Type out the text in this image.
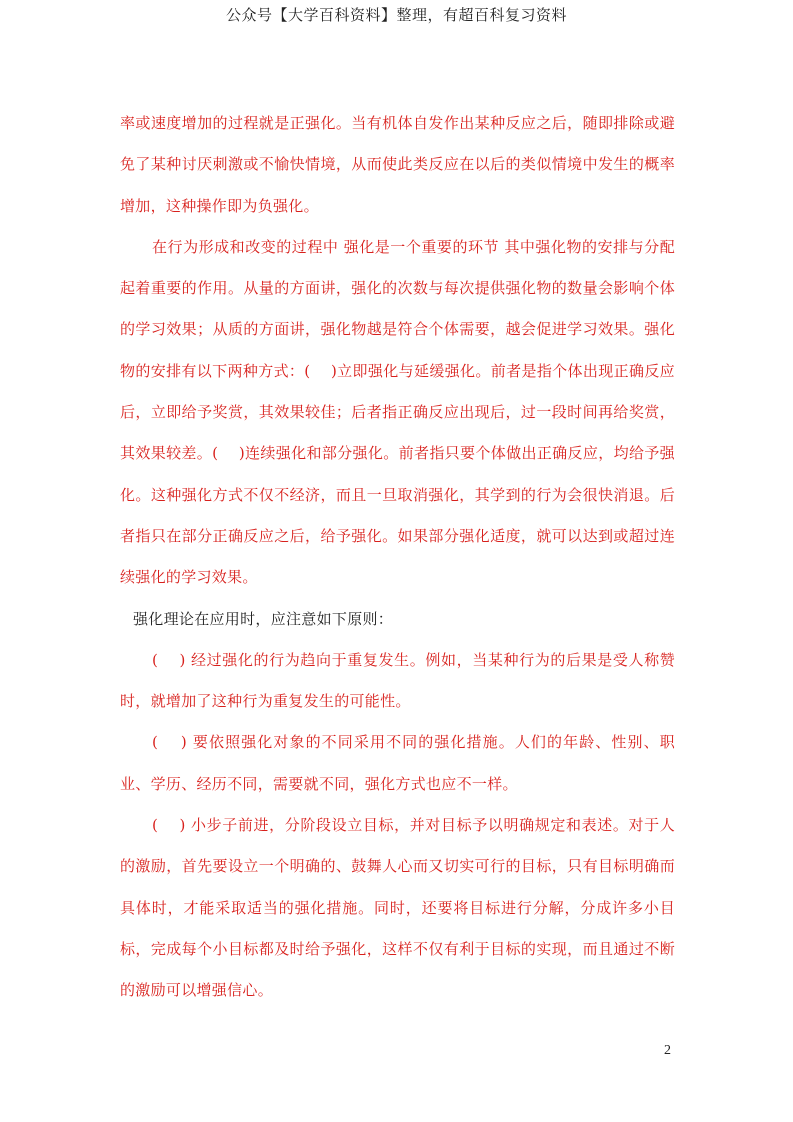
公众号【大学百科资料】整理，有超百科复习资料

率或速度增加的过程就是正强化。当有机体自发作出某种反应之后，随即排除或避免了某种讨厌刺激或不愉快情境，从而使此类反应在以后的类似情境中发生的概率增加，这种操作即为负强化。

在行为形成和改变的过程中 强化是一个重要的环节 其中强化物的安排与分配起着重要的作用。从量的方面讲，强化的次数与每次提供强化物的数量会影响个体的学习效果；从质的方面讲，强化物越是符合个体需要，越会促进学习效果。强化物的安排有以下两种方式：(　 )立即强化与延缓强化。前者是指个体出现正确反应后，立即给予奖赏，其效果较佳；后者指正确反应出现后，过一段时间再给奖赏，其效果较差。(　 )连续强化和部分强化。前者指只要个体做出正确反应，均给予强化。这种强化方式不仅不经济，而且一旦取消强化，其学到的行为会很快消退。后者指只在部分正确反应之后，给予强化。如果部分强化适度，就可以达到或超过连续强化的学习效果。

强化理论在应用时，应注意如下原则：

(　 ) 经过强化的行为趋向于重复发生。例如，当某种行为的后果是受人称赞时，就增加了这种行为重复发生的可能性。

(　 ) 要依照强化对象的不同采用不同的强化措施。人们的年龄、性别、职业、学历、经历不同，需要就不同，强化方式也应不一样。

(　 ) 小步子前进，分阶段设立目标，并对目标予以明确规定和表述。对于人的激励，首先要设立一个明确的、鼓舞人心而又切实可行的目标，只有目标明确而具体时，才能采取适当的强化措施。同时，还要将目标进行分解，分成许多小目标，完成每个小目标都及时给予强化，这样不仅有利于目标的实现，而且通过不断的激励可以增强信心。

2
